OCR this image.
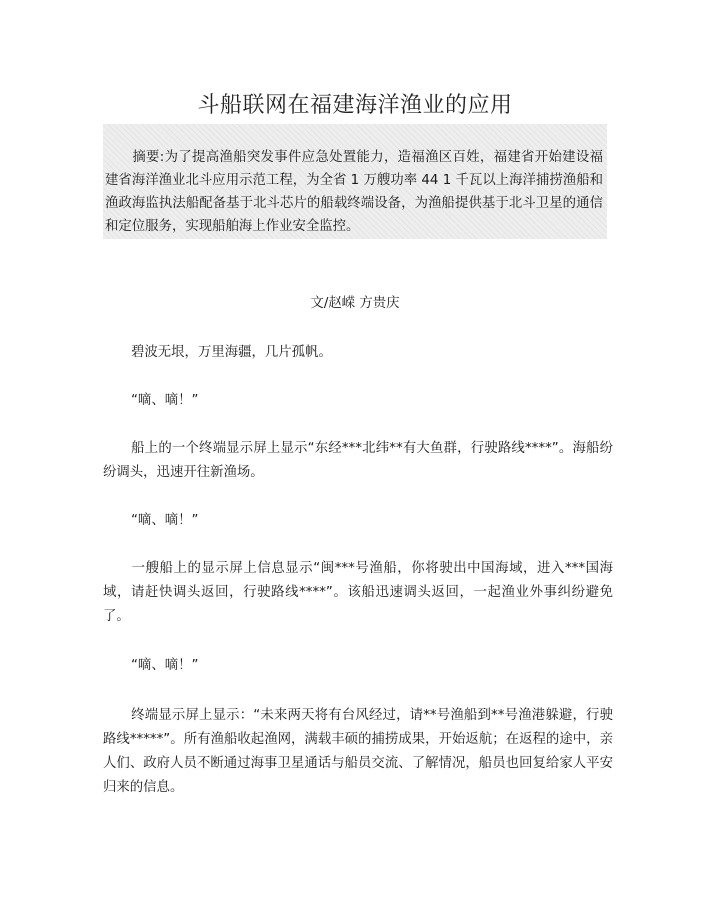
斗船联网在福建海洋渔业的应用
摘要:为了提高渔船突发事件应急处置能力，造福渔区百姓，福建省开始建设福建省海洋渔业北斗应用示范工程，为全省 1 万艘功率 44 1 千瓦以上海洋捕捞渔船和渔政海监执法船配备基于北斗芯片的船载终端设备，为渔船提供基于北斗卫星的通信和定位服务，实现船舶海上作业安全监控。
文/赵嵘 方贵庆

碧波无垠，万里海疆，几片孤帆。

“嘀、嘀！”

船上的一个终端显示屏上显示“东经***北纬**有大鱼群，行驶路线****”。海船纷纷调头，迅速开往新渔场。

“嘀、嘀！”

一艘船上的显示屏上信息显示“闽***号渔船，你将驶出中国海域，进入***国海域，请赶快调头返回，行驶路线****”。该船迅速调头返回，一起渔业外事纠纷避免了。

“嘀、嘀！”

终端显示屏上显示：“未来两天将有台风经过，请**号渔船到**号渔港躲避，行驶路线*****”。所有渔船收起渔网，满载丰硕的捕捞成果，开始返航；在返程的途中，亲人们、政府人员不断通过海事卫星通话与船员交流、了解情况，船员也回复给家人平安归来的信息。
